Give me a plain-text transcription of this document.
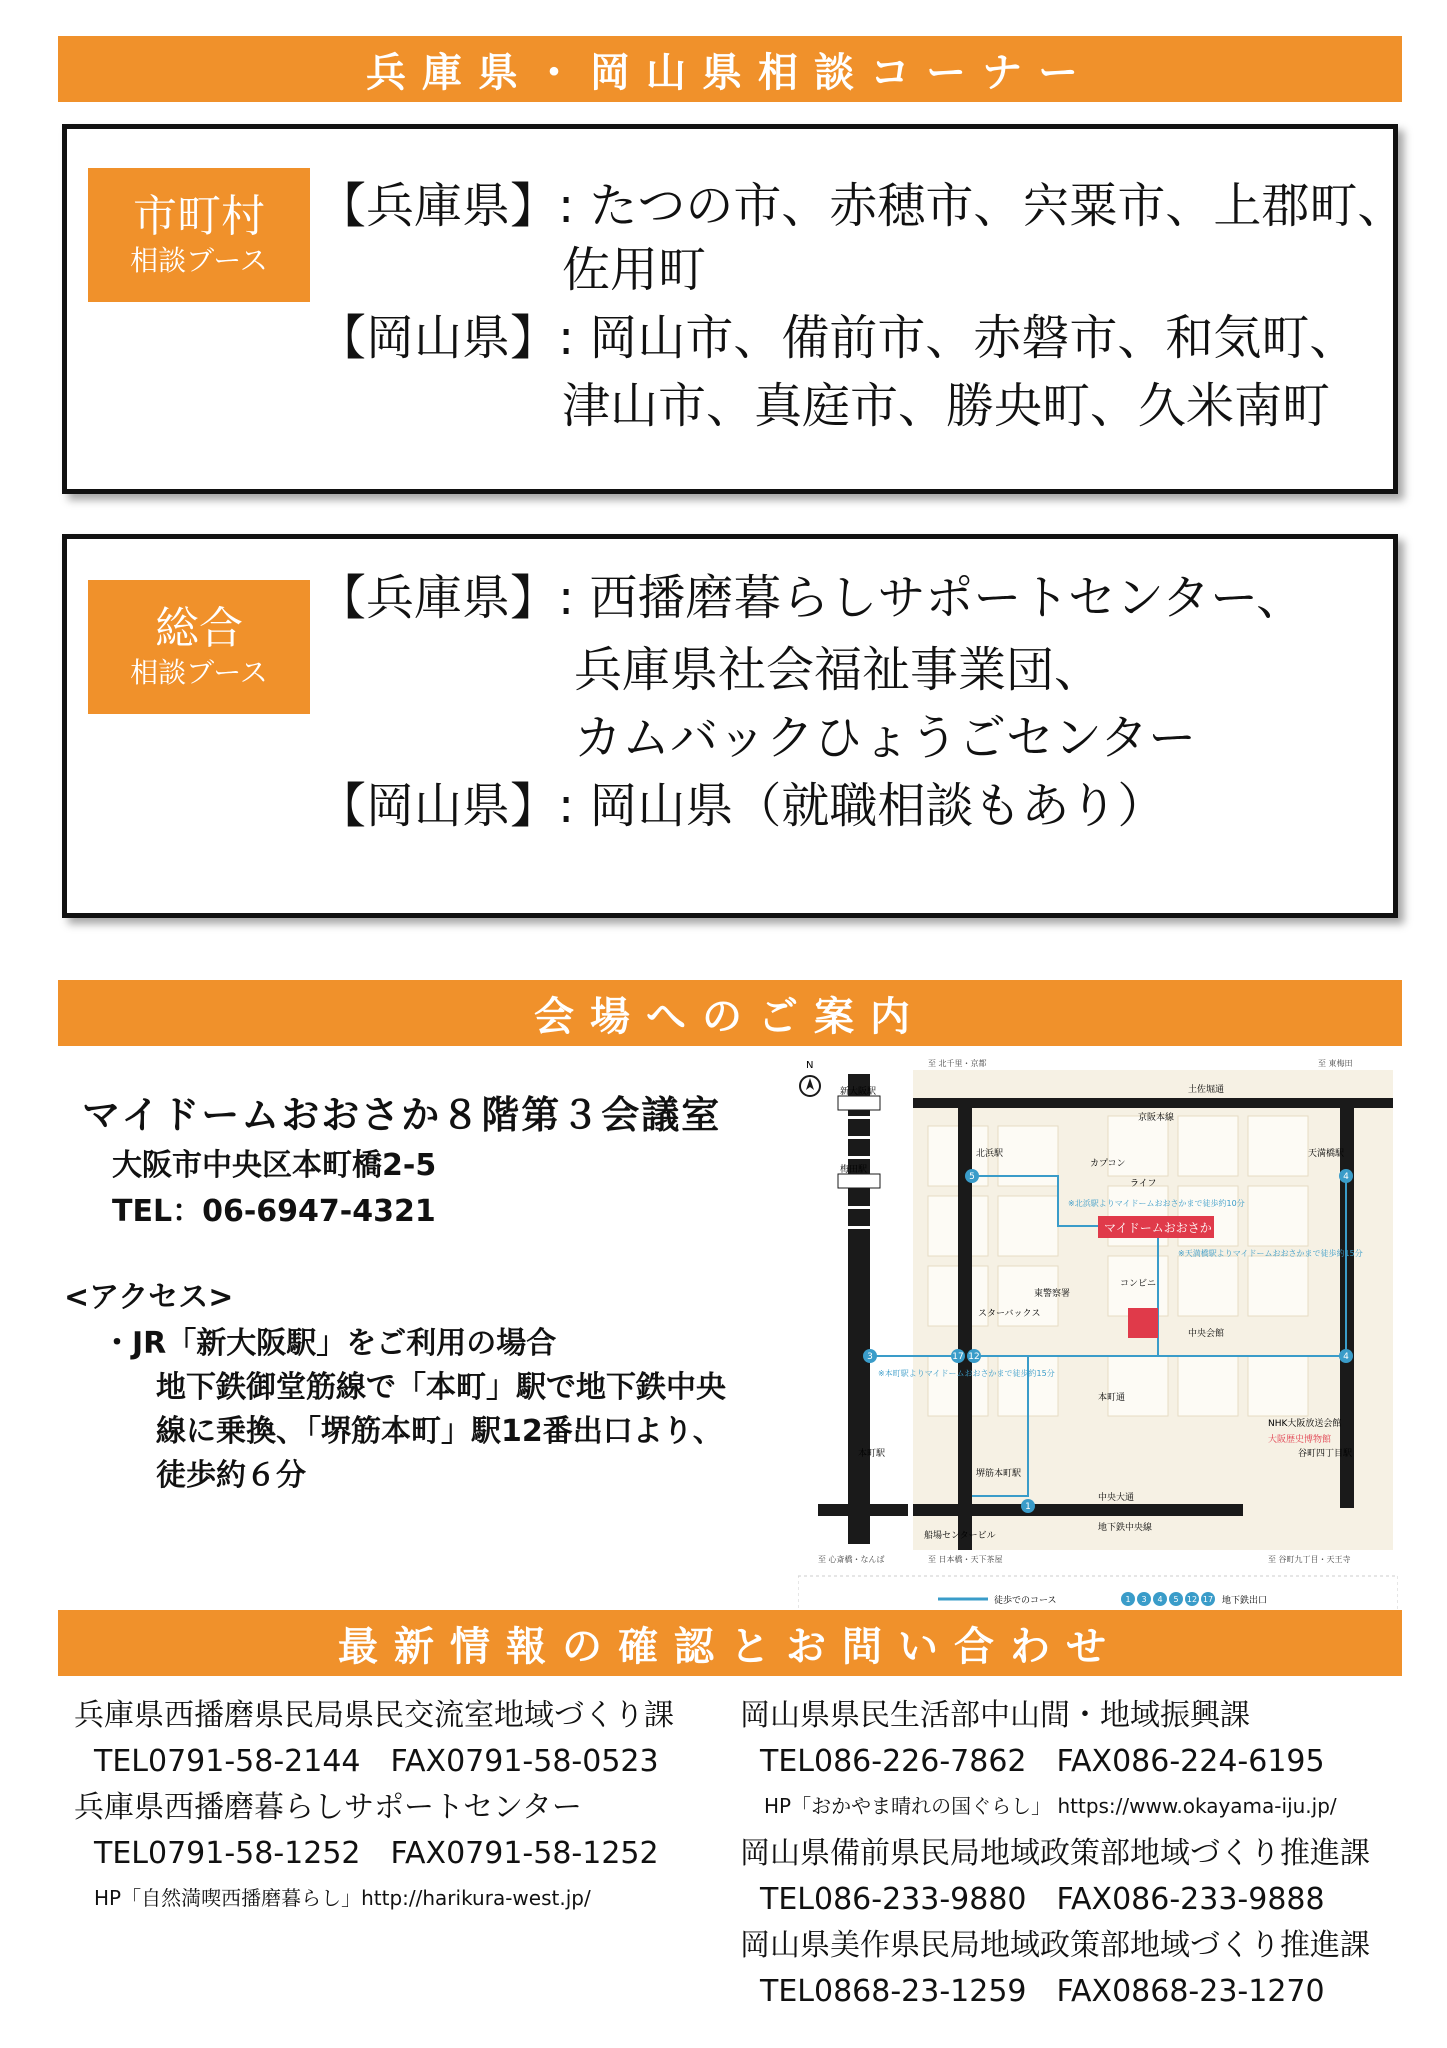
兵庫県・岡山県相談コーナー
市町村
相談ブース
【兵庫県】: たつの市、赤穂市、宍粟市、上郡町、
佐用町
【岡山県】: 岡山市、備前市、赤磐市、和気町、
津山市、真庭市、勝央町、久米南町
総合
相談ブース
【兵庫県】: 西播磨暮らしサポートセンター、
兵庫県社会福祉事業団、
カムバックひょうごセンター
【岡山県】: 岡山県（就職相談もあり）
会場へのご案内
マイドームおおさか８階第３会議室
大阪市中央区本町橋2-5
TEL：06-6947-4321
<アクセス>
・JR「新大阪駅」をご利用の場合
地下鉄御堂筋線で「本町」駅で地下鉄中央
線に乗換、「堺筋本町」駅12番出口より、
徒歩約６分
N
新大阪駅
梅田駅
土佐堀通
京阪本線
中央大通
地下鉄中央線
本町通
北浜駅
堺筋本町駅
天満橋駅
谷町四丁目駅
本町駅
マイドームおおさか
コンビニ
ライフ
スターバックス
カプコン
東警察署
船場センタービル
中央会館
NHK大阪放送会館
大阪歴史博物館
5	4
3	4
17 12
1
※北浜駅よりマイドームおおさかまで徒歩約10分
※天満橋駅よりマイドームおおさかまで徒歩約15分
※本町駅よりマイドームおおさかまで徒歩約15分
至 北千里・京都	至 東梅田
至 心斎橋・なんば	至 日本橋・天下茶屋	至 谷町九丁目・天王寺
徒歩でのコース	1 3 4 5 12 17 地下鉄出口
最新情報の確認とお問い合わせ
兵庫県西播磨県民局県民交流室地域づくり課
TEL0791-58-2144　FAX0791-58-0523
兵庫県西播磨暮らしサポートセンター
TEL0791-58-1252　FAX0791-58-1252
HP「自然満喫西播磨暮らし」http://harikura-west.jp/
岡山県県民生活部中山間・地域振興課
TEL086-226-7862　FAX086-224-6195
HP「おかやま晴れの国ぐらし」 https://www.okayama-iju.jp/
岡山県備前県民局地域政策部地域づくり推進課
TEL086-233-9880　FAX086-233-9888
岡山県美作県民局地域政策部地域づくり推進課
TEL0868-23-1259　FAX0868-23-1270
